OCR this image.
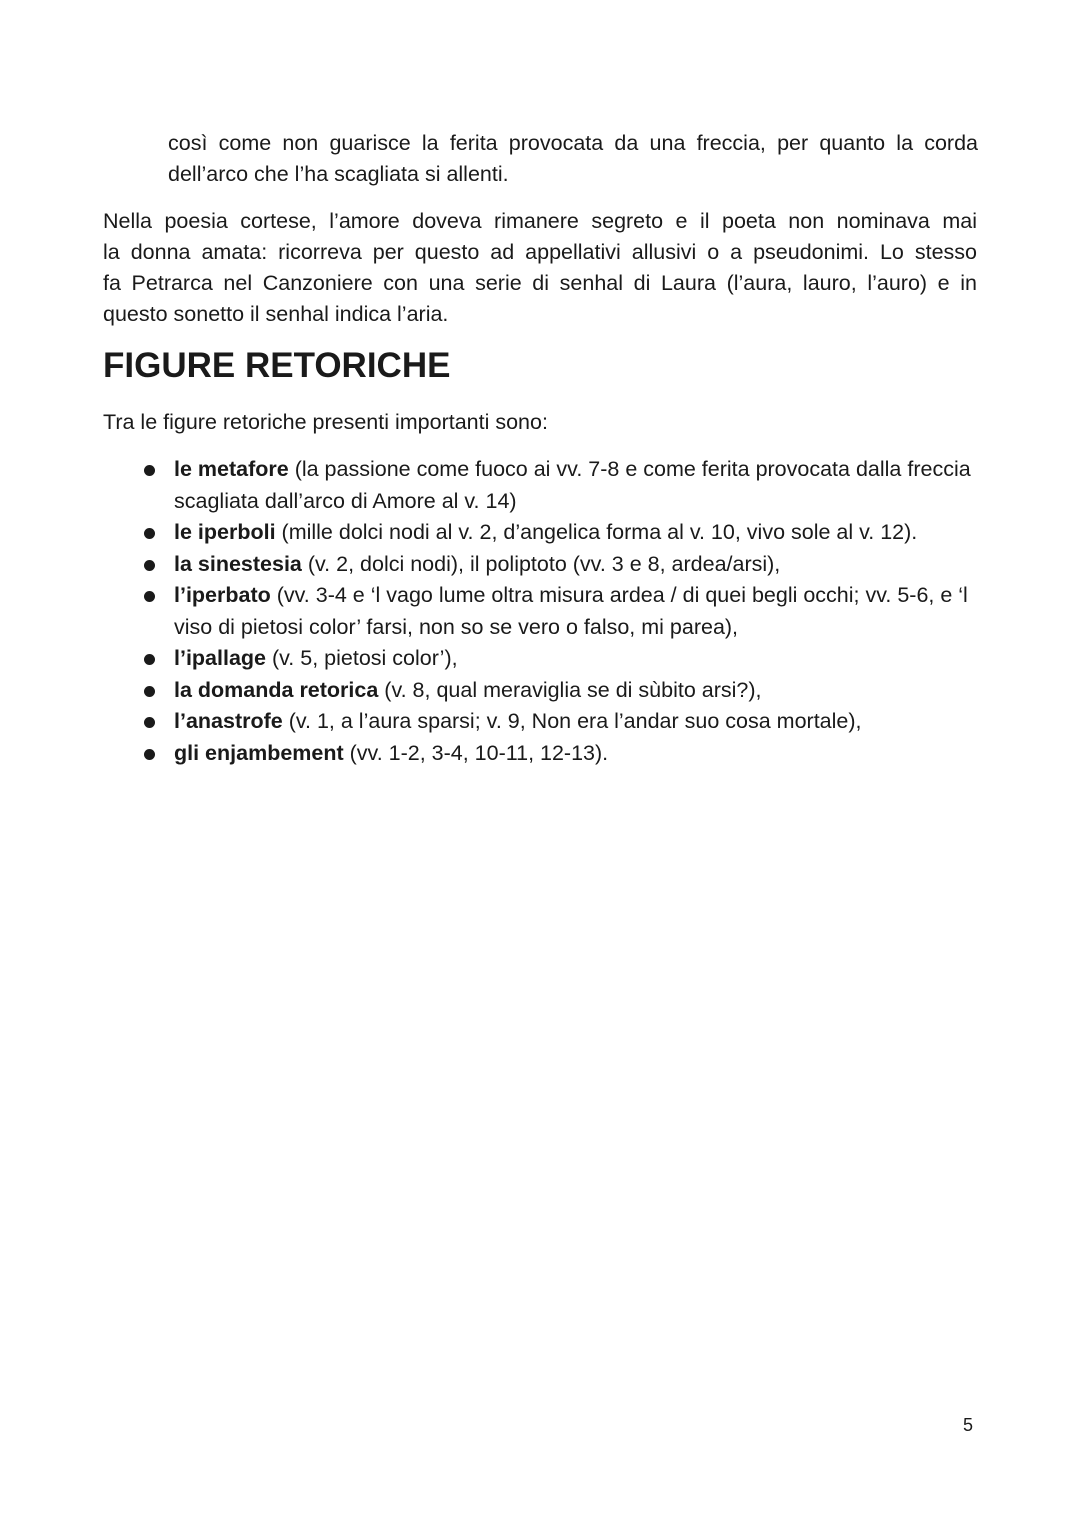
così come non guarisce la ferita provocata da una freccia, per quanto la corda
dell’arco che l’ha scagliata si allenti.
Nella poesia cortese, l’amore doveva rimanere segreto e il poeta non nominava mai
la donna amata: ricorreva per questo ad appellativi allusivi o a pseudonimi. Lo stesso
fa Petrarca nel Canzoniere con una serie di senhal di Laura (l’aura, lauro, l’auro) e in
questo sonetto il senhal indica l’aria.
FIGURE RETORICHE

Tra le figure retoriche presenti importanti sono:

le metafore (la passione come fuoco ai vv. 7-8 e come ferita provocata dalla freccia scagliata dall’arco di Amore al v. 14)
le iperboli (mille dolci nodi al v. 2, d’angelica forma al v. 10, vivo sole al v. 12).
la sinestesia (v. 2, dolci nodi), il poliptoto (vv. 3 e 8, ardea/arsi),
l’iperbato (vv. 3-4 e ‘l vago lume oltra misura ardea / di quei begli occhi; vv. 5-6, e ‘l viso di pietosi color’ farsi, non so se vero o falso, mi parea),
l’ipallage (v. 5, pietosi color’),
la domanda retorica (v. 8, qual meraviglia se di sùbito arsi?),
l’anastrofe (v. 1, a l’aura sparsi; v. 9, Non era l’andar suo cosa mortale),
gli enjambement (vv. 1-2, 3-4, 10-11, 12-13).
5
